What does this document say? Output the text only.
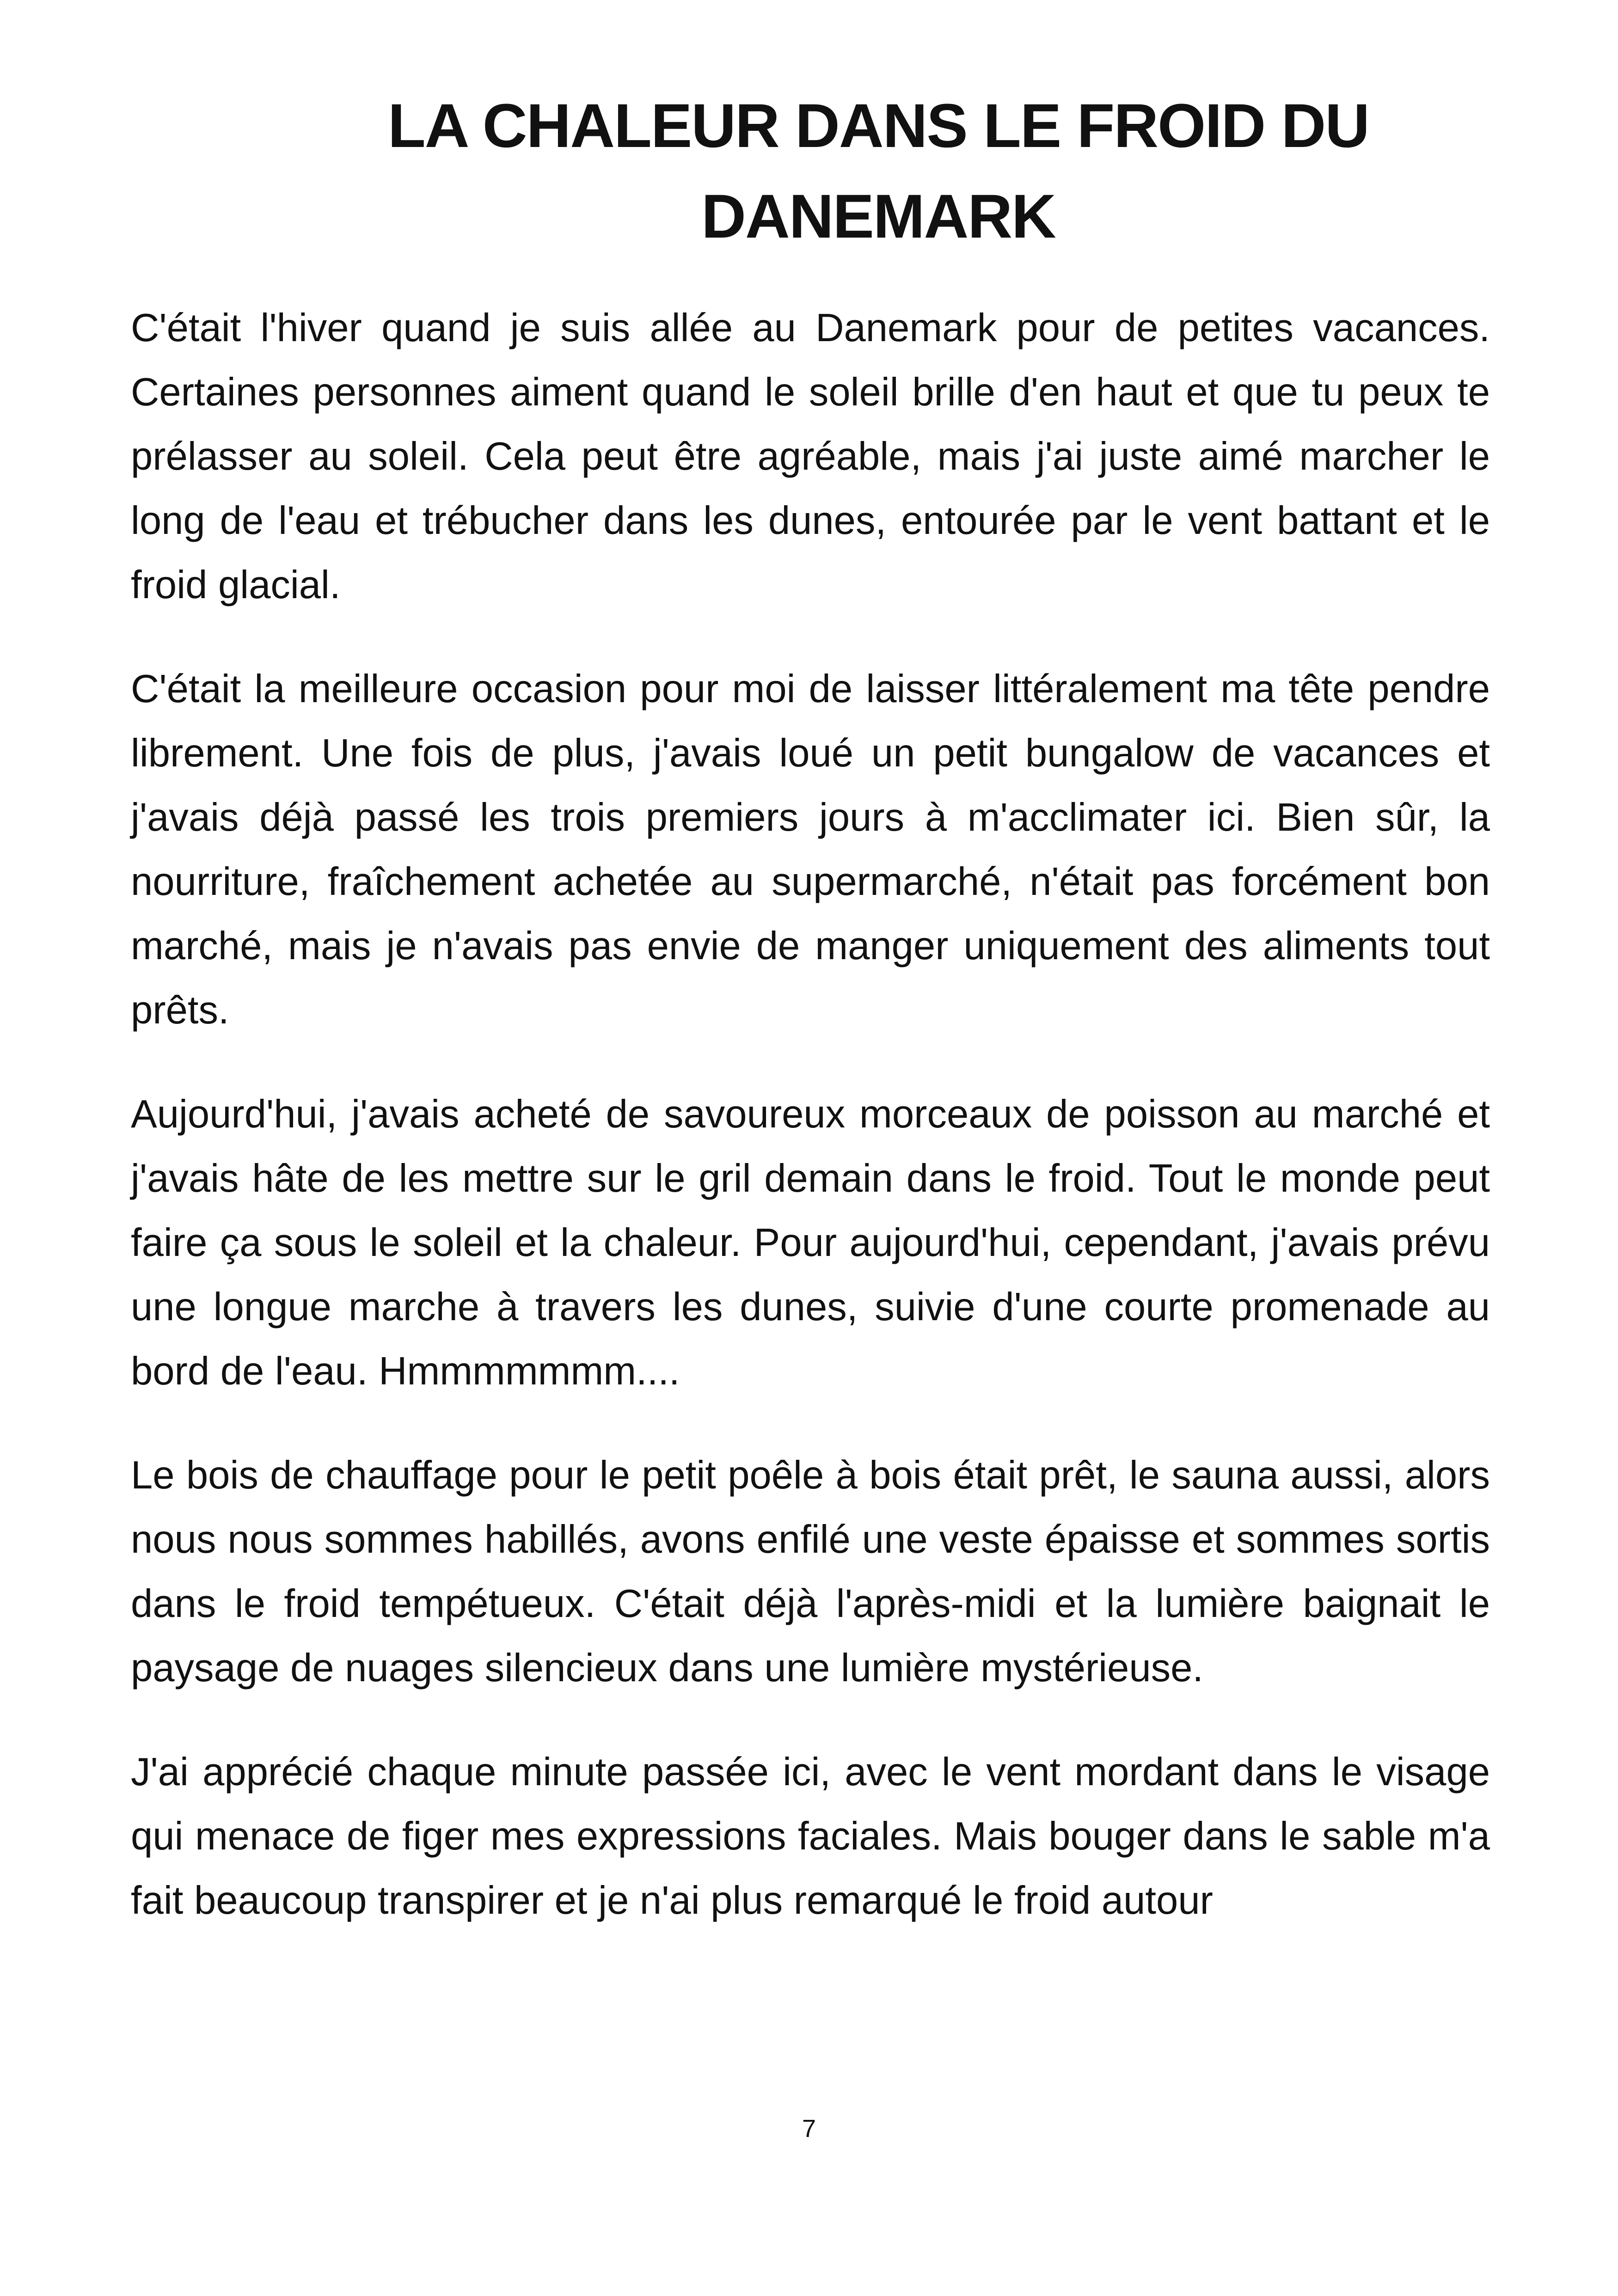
LA CHALEUR DANS LE FROID DU
DANEMARK

C'était l'hiver quand je suis allée au Danemark pour de petites vacances. Certaines personnes aiment quand le soleil brille d'en haut et que tu peux te prélasser au soleil. Cela peut être agréable, mais j'ai juste aimé marcher le long de l'eau et trébucher dans les dunes, entourée par le vent battant et le froid glacial.

C'était la meilleure occasion pour moi de laisser littéralement ma tête pendre librement. Une fois de plus, j'avais loué un petit bungalow de vacances et j'avais déjà passé les trois premiers jours à m'acclimater ici. Bien sûr, la nourriture, fraîchement achetée au supermarché, n'était pas forcément bon marché, mais je n'avais pas envie de manger uniquement des aliments tout prêts.

Aujourd'hui, j'avais acheté de savoureux morceaux de poisson au marché et j'avais hâte de les mettre sur le gril demain dans le froid. Tout le monde peut faire ça sous le soleil et la chaleur. Pour aujourd'hui, cependant, j'avais prévu une longue marche à travers les dunes, suivie d'une courte promenade au bord de l'eau. Hmmmmmmm....

Le bois de chauffage pour le petit poêle à bois était prêt, le sauna aussi, alors nous nous sommes habillés, avons enfilé une veste épaisse et sommes sortis dans le froid tempétueux. C'était déjà l'après-midi et la lumière baignait le paysage de nuages silencieux dans une lumière mystérieuse.

J'ai apprécié chaque minute passée ici, avec le vent mordant dans le visage qui menace de figer mes expressions faciales. Mais bouger dans le sable m'a fait beaucoup transpirer et je n'ai plus remarqué le froid autour

7
